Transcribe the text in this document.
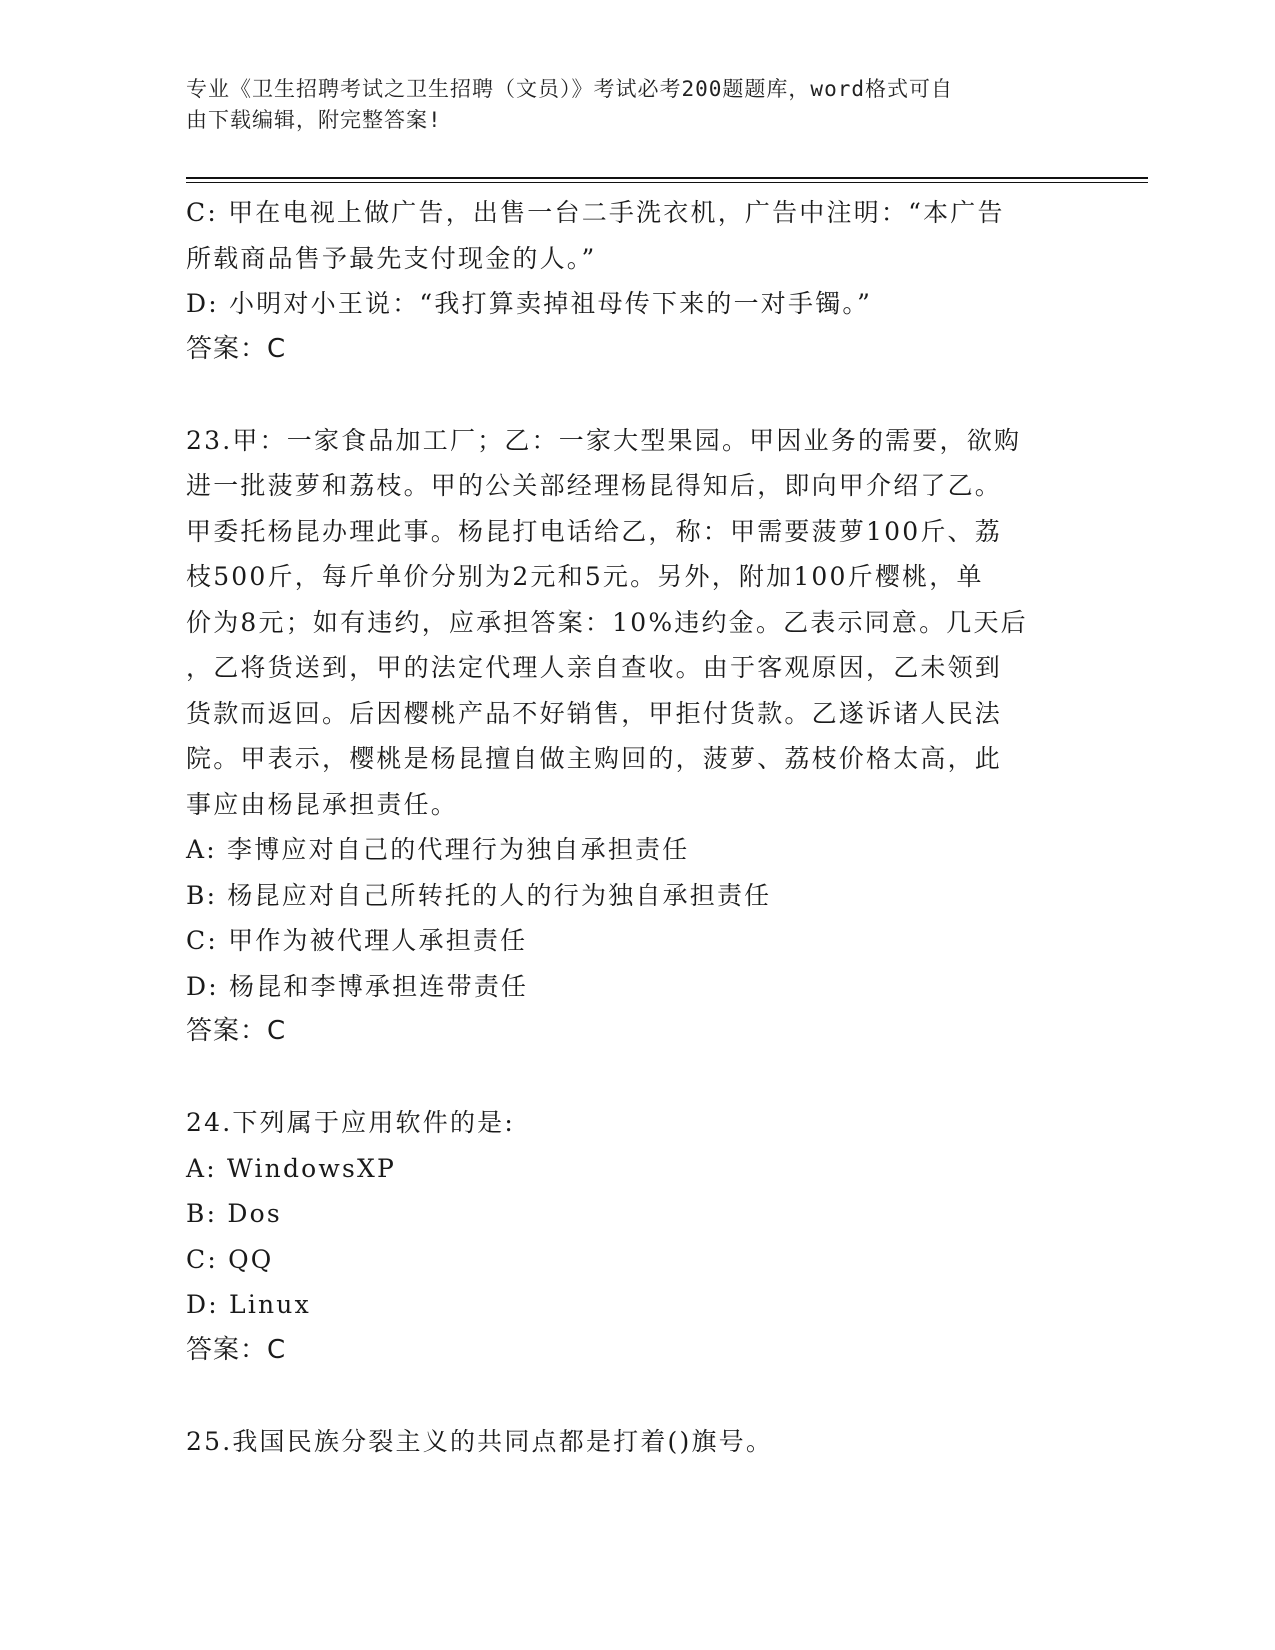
专业《卫生招聘考试之卫生招聘（文员）》考试必考200题题库，word格式可自
由下载编辑，附完整答案!
C: 甲在电视上做广告，出售一台二手洗衣机，广告中注明：“本广告
所载商品售予最先支付现金的人。”
D: 小明对小王说：“我打算卖掉祖母传下来的一对手镯。”
答案：C
23.甲：一家食品加工厂；乙：一家大型果园。甲因业务的需要，欲购
进一批菠萝和荔枝。甲的公关部经理杨昆得知后，即向甲介绍了乙。
甲委托杨昆办理此事。杨昆打电话给乙，称：甲需要菠萝100斤、荔
枝500斤，每斤单价分别为2元和5元。另外，附加100斤樱桃，单
价为8元；如有违约，应承担答案：10%违约金。乙表示同意。几天后
，乙将货送到，甲的法定代理人亲自查收。由于客观原因，乙未领到
货款而返回。后因樱桃产品不好销售，甲拒付货款。乙遂诉诸人民法
院。甲表示，樱桃是杨昆擅自做主购回的，菠萝、荔枝价格太高，此
事应由杨昆承担责任。
A: 李博应对自己的代理行为独自承担责任
B: 杨昆应对自己所转托的人的行为独自承担责任
C: 甲作为被代理人承担责任
D: 杨昆和李博承担连带责任
答案：C
24.下列属于应用软件的是:
A: WindowsXP
B: Dos
C: QQ
D: Linux
答案：C
25.我国民族分裂主义的共同点都是打着()旗号。
